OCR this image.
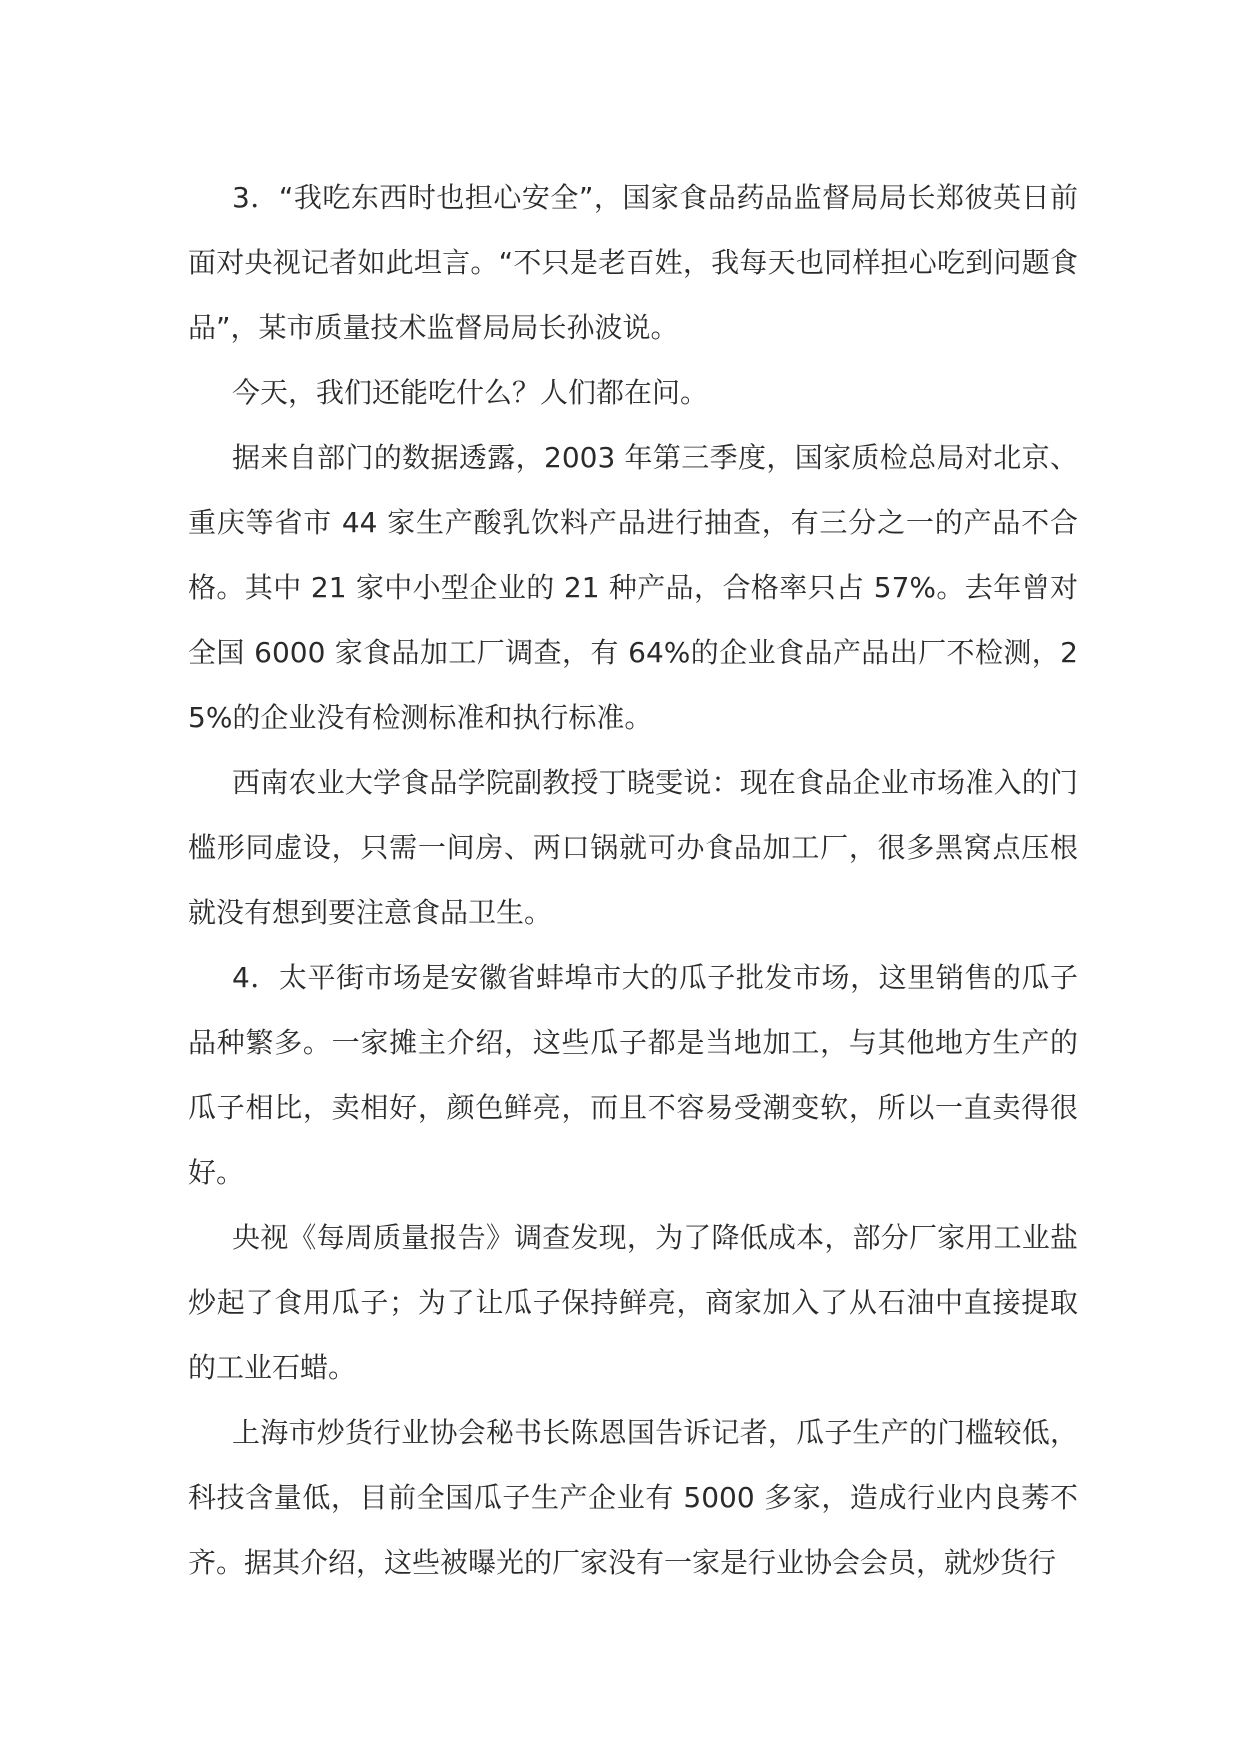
3．“我吃东西时也担心安全”，国家食品药品监督局局长郑彼英日前面对央视记者如此坦言。“不只是老百姓，我每天也同样担心吃到问题食品”，某市质量技术监督局局长孙波说。

今天，我们还能吃什么？人们都在问。

据来自部门的数据透露，2003 年第三季度，国家质检总局对北京、重庆等省市 44 家生产酸乳饮料产品进行抽查，有三分之一的产品不合格。其中 21 家中小型企业的 21 种产品，合格率只占 57%。去年曾对全国 6000 家食品加工厂调查，有 64%的企业食品产品出厂不检测，25%的企业没有检测标准和执行标准。

西南农业大学食品学院副教授丁晓雯说：现在食品企业市场准入的门槛形同虚设，只需一间房、两口锅就可办食品加工厂，很多黑窝点压根就没有想到要注意食品卫生。

4．太平街市场是安徽省蚌埠市大的瓜子批发市场，这里销售的瓜子品种繁多。一家摊主介绍，这些瓜子都是当地加工，与其他地方生产的瓜子相比，卖相好，颜色鲜亮，而且不容易受潮变软，所以一直卖得很好。

央视《每周质量报告》调查发现，为了降低成本，部分厂家用工业盐炒起了食用瓜子；为了让瓜子保持鲜亮，商家加入了从石油中直接提取的工业石蜡。

上海市炒货行业协会秘书长陈恩国告诉记者，瓜子生产的门槛较低，科技含量低，目前全国瓜子生产企业有 5000 多家，造成行业内良莠不齐。据其介绍，这些被曝光的厂家没有一家是行业协会会员，就炒货行
